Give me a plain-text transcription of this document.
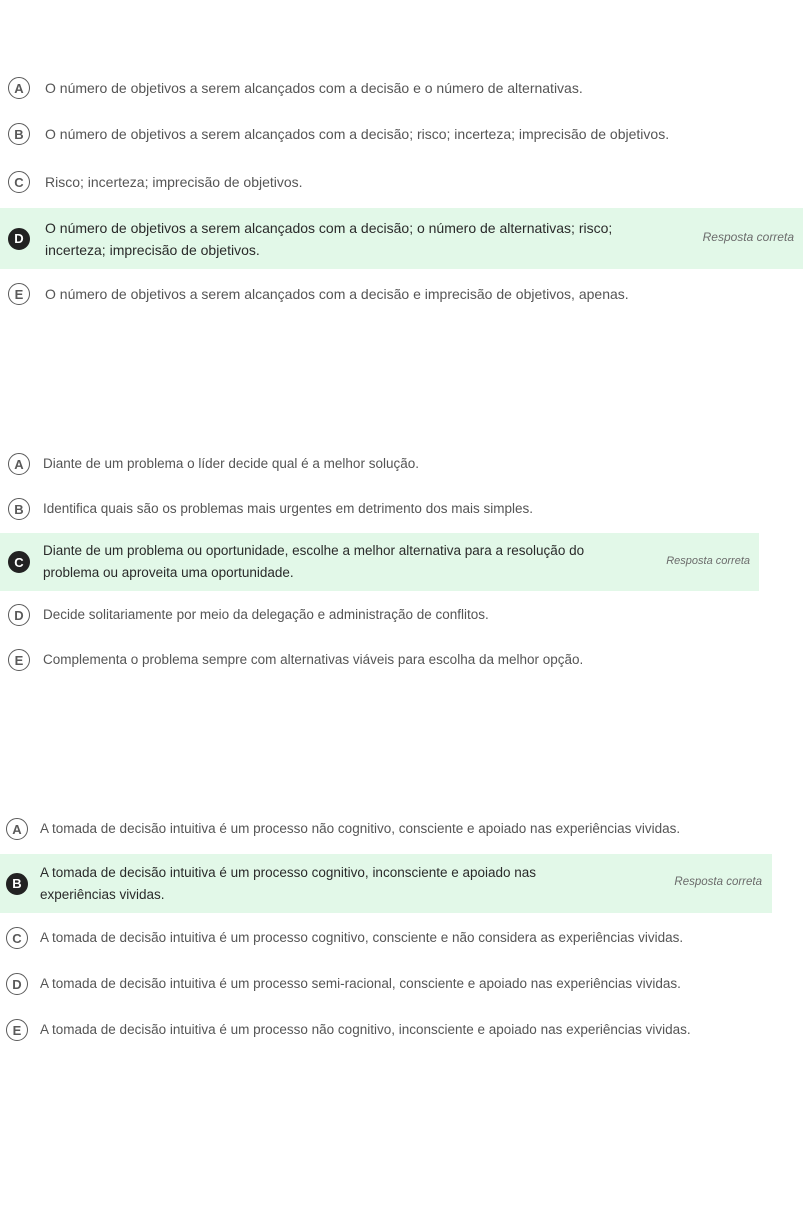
A	O número de objetivos a serem alcançados com a decisão e o número de alternativas.
B	O número de objetivos a serem alcançados com a decisão; risco; incerteza; imprecisão de objetivos.
C	Risco; incerteza; imprecisão de objetivos.
D
O número de objetivos a serem alcançados com a decisão; o número de alternativas; risco; incerteza; imprecisão de objetivos.
Resposta correta
E	O número de objetivos a serem alcançados com a decisão e imprecisão de objetivos, apenas.
A	Diante de um problema o líder decide qual é a melhor solução.
B	Identifica quais são os problemas mais urgentes em detrimento dos mais simples.
C
Diante de um problema ou oportunidade, escolhe a melhor alternativa para a resolução do problema ou aproveita uma oportunidade.
Resposta correta
D	Decide solitariamente por meio da delegação e administração de conflitos.
E	Complementa o problema sempre com alternativas viáveis para escolha da melhor opção.
A	A tomada de decisão intuitiva é um processo não cognitivo, consciente e apoiado nas experiências vividas.
B
A tomada de decisão intuitiva é um processo cognitivo, inconsciente e apoiado nas experiências vividas.
Resposta correta
C	A tomada de decisão intuitiva é um processo cognitivo, consciente e não considera as experiências vividas.
D	A tomada de decisão intuitiva é um processo semi-racional, consciente e apoiado nas experiências vividas.
E	A tomada de decisão intuitiva é um processo não cognitivo, inconsciente e apoiado nas experiências vividas.
